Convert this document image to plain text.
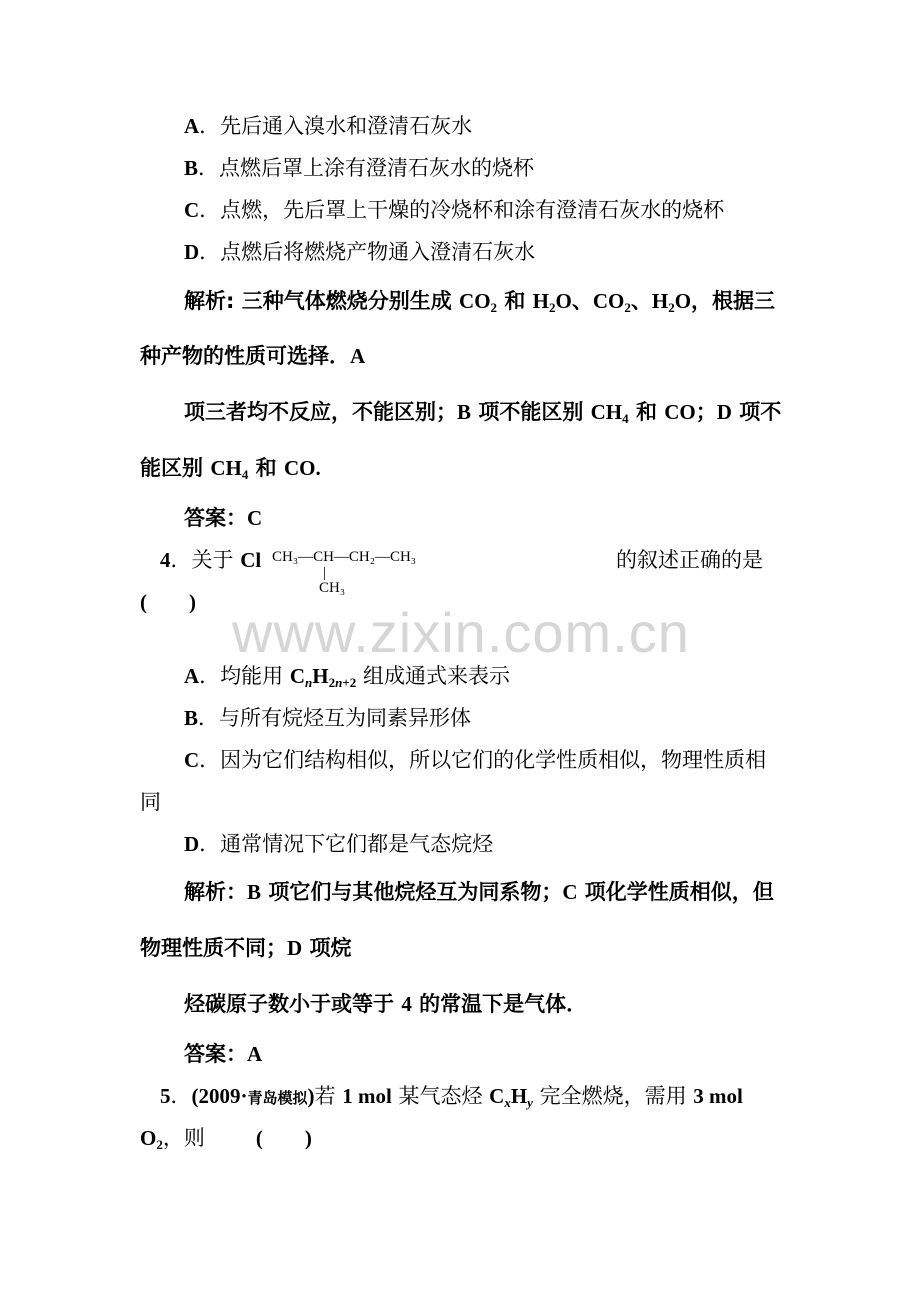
www.zixin.com.cn
A．先后通入溴水和澄清石灰水
B．点燃后罩上涂有澄清石灰水的烧杯
C．点燃，先后罩上干燥的冷烧杯和涂有澄清石灰水的烧杯
D．点燃后将燃烧产物通入澄清石灰水
解析: 三种气体燃烧分别生成 $CO_2$ 和 $H_2O$、$CO_2$、$H_2O$，根据三
种产物的性质可选择．A
项三者均不反应，不能区别；B 项不能区别 $CH_4$ 和 CO；D 项不
能区别 $CH_4$ 和 CO.
答案：C
4．关于 Cl CH₃—CH—CH₂—CH₃
|
CH₃
的叙述正确的是
(　　)
A．均能用 $C_nH_{2n+2}$ 组成通式来表示
B．与所有烷烃互为同素异形体
C．因为它们结构相似，所以它们的化学性质相似，物理性质相
同
D．通常情况下它们都是气态烷烃
解析：B 项它们与其他烷烃互为同系物；C 项化学性质相似，但
物理性质不同；D 项烷
烃碳原子数小于或等于 4 的常温下是气体．
答案：A
5．(2009·青岛模拟)若 1 mol 某气态烃 $C_xH_y$ 完全燃烧，需用 3 mol
$O_2$，则　(　　)
